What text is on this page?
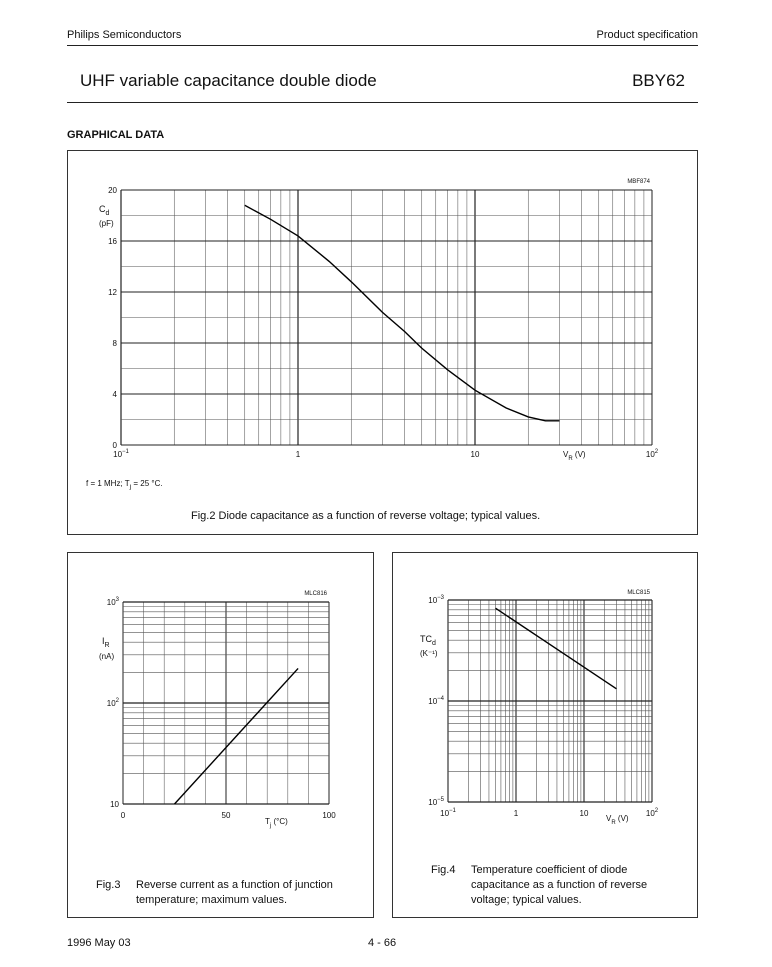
Philips Semiconductors	Product specification
UHF variable capacitance double diode	BBY62
GRAPHICAL DATA
0
4
8
12
16
20
$10^{-1}$	1	10	$10^2$
$C_d$
(pF)
$V_R$ (V)
MBF874
f = 1 MHz; $T_j = 25$ °C.
Fig.2 Diode capacitance as a function of reverse voltage; typical values.
10
$10^2$
$10^3$
0	50	100
$I_R$
(nA)
$T_j$ (°C)
MLC816
Fig.3 Reverse current as a function of junction
temperature; maximum values.
$10^{-5}$
$10^{-4}$
$10^{-3}$
$10^{-1}$	1	10	$10^2$
$TC_d$
(K⁻¹)
$V_R$ (V)
MLC815
Fig.4 Temperature coefficient of diode
capacitance as a function of reverse
voltage; typical values.
1996 May 03	4 - 66
